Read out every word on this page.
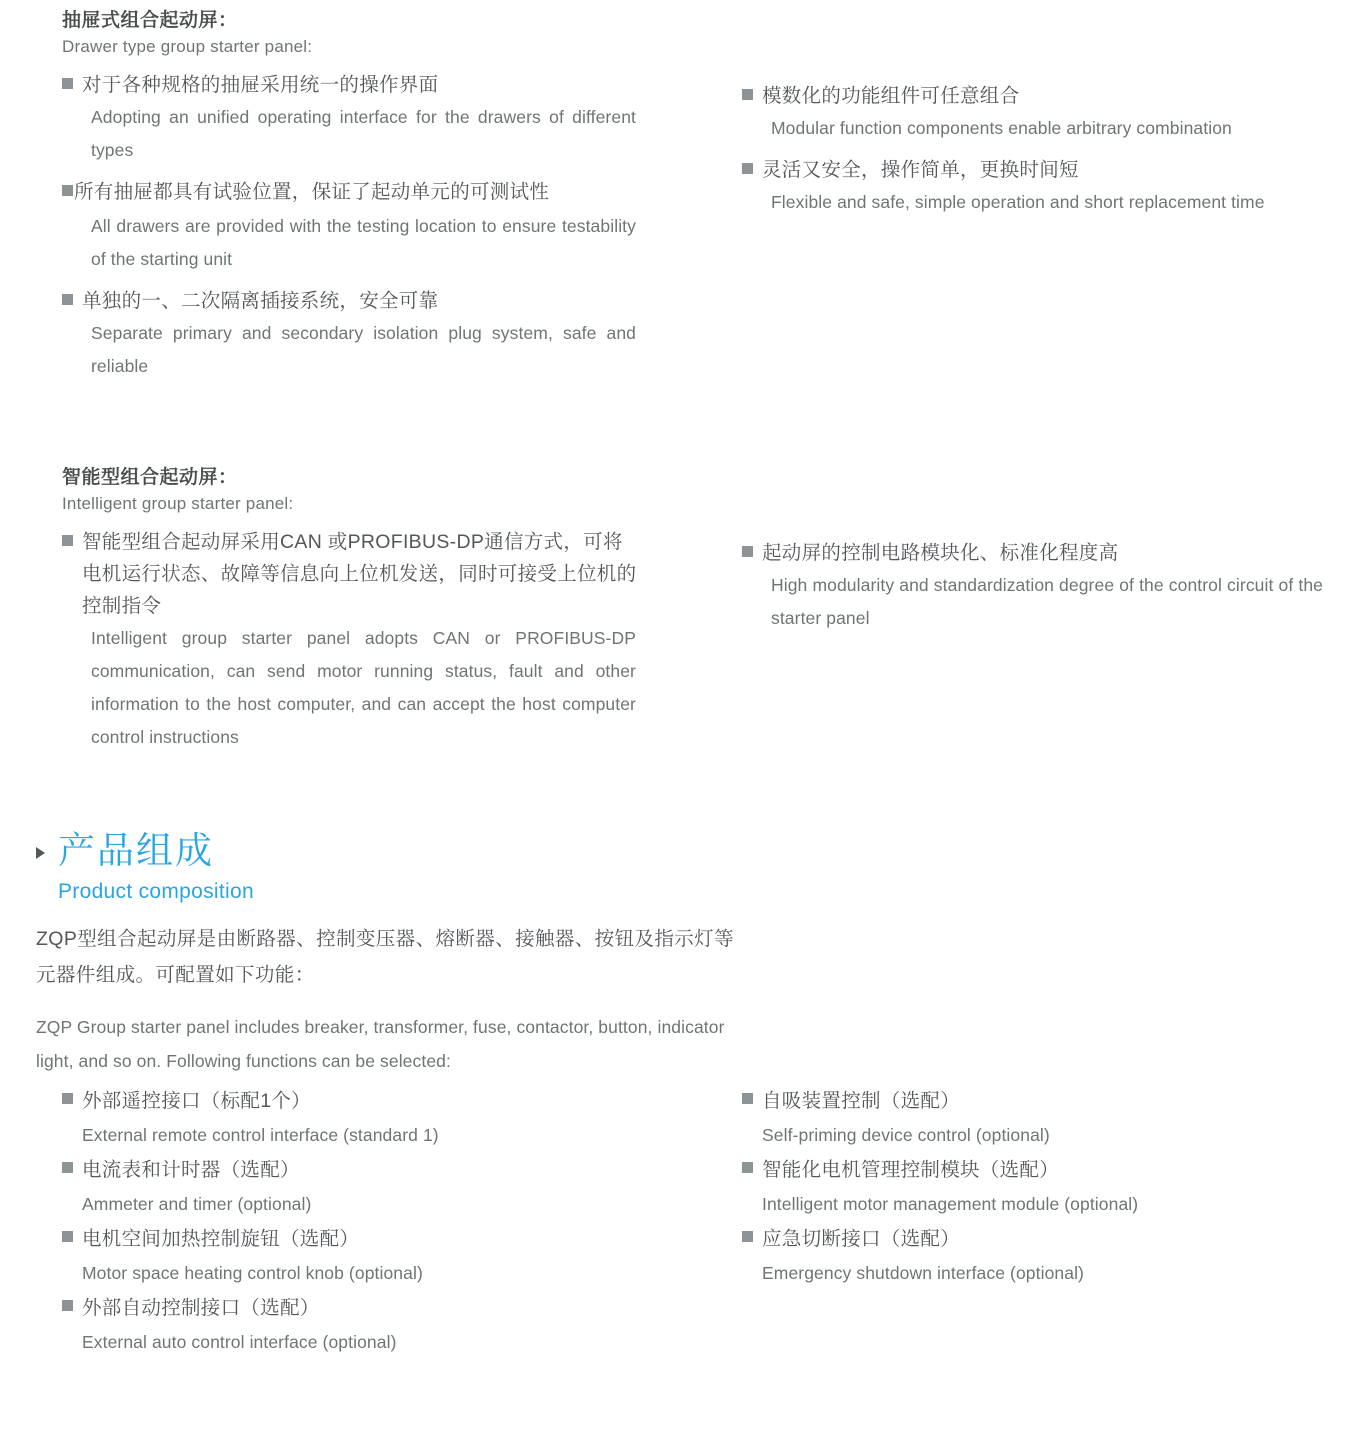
抽屉式组合起动屏：
Drawer type group starter panel:
对于各种规格的抽屉采用统一的操作界面
Adopting an unified operating interface for the drawers of different types
所有抽屉都具有试验位置，保证了起动单元的可测试性
All drawers are provided with the testing location to ensure testability of the starting unit
单独的一、二次隔离插接系统，安全可靠
Separate primary and secondary isolation plug system, safe and reliable
模数化的功能组件可任意组合
Modular function components enable arbitrary combination
灵活又安全，操作简单，更换时间短
Flexible and safe, simple operation and short replacement time
智能型组合起动屏：
Intelligent group starter panel:
智能型组合起动屏采用CAN 或PROFIBUS-DP通信方式，可将电机运行状态、故障等信息向上位机发送，同时可接受上位机的控制指令
Intelligent group starter panel adopts CAN or PROFIBUS-DP communication, can send motor running status, fault and other information to the host computer, and can accept the host computer control instructions
起动屏的控制电路模块化、标准化程度高
High modularity and standardization degree of the control circuit of the starter panel
产品组成
Product composition
ZQP型组合起动屏是由断路器、控制变压器、熔断器、接触器、按钮及指示灯等
元器件组成。可配置如下功能：
ZQP Group starter panel includes breaker, transformer, fuse, contactor, button, indicator
light, and so on. Following functions can be selected:
外部遥控接口（标配1个）
External remote control interface (standard 1)
电流表和计时器（选配）
Ammeter and timer (optional)
电机空间加热控制旋钮（选配）
Motor space heating control knob (optional)
外部自动控制接口（选配）
External auto control interface (optional)
自吸装置控制（选配）
Self-priming device control (optional)
智能化电机管理控制模块（选配）
Intelligent motor management module (optional)
应急切断接口（选配）
Emergency shutdown interface (optional)
